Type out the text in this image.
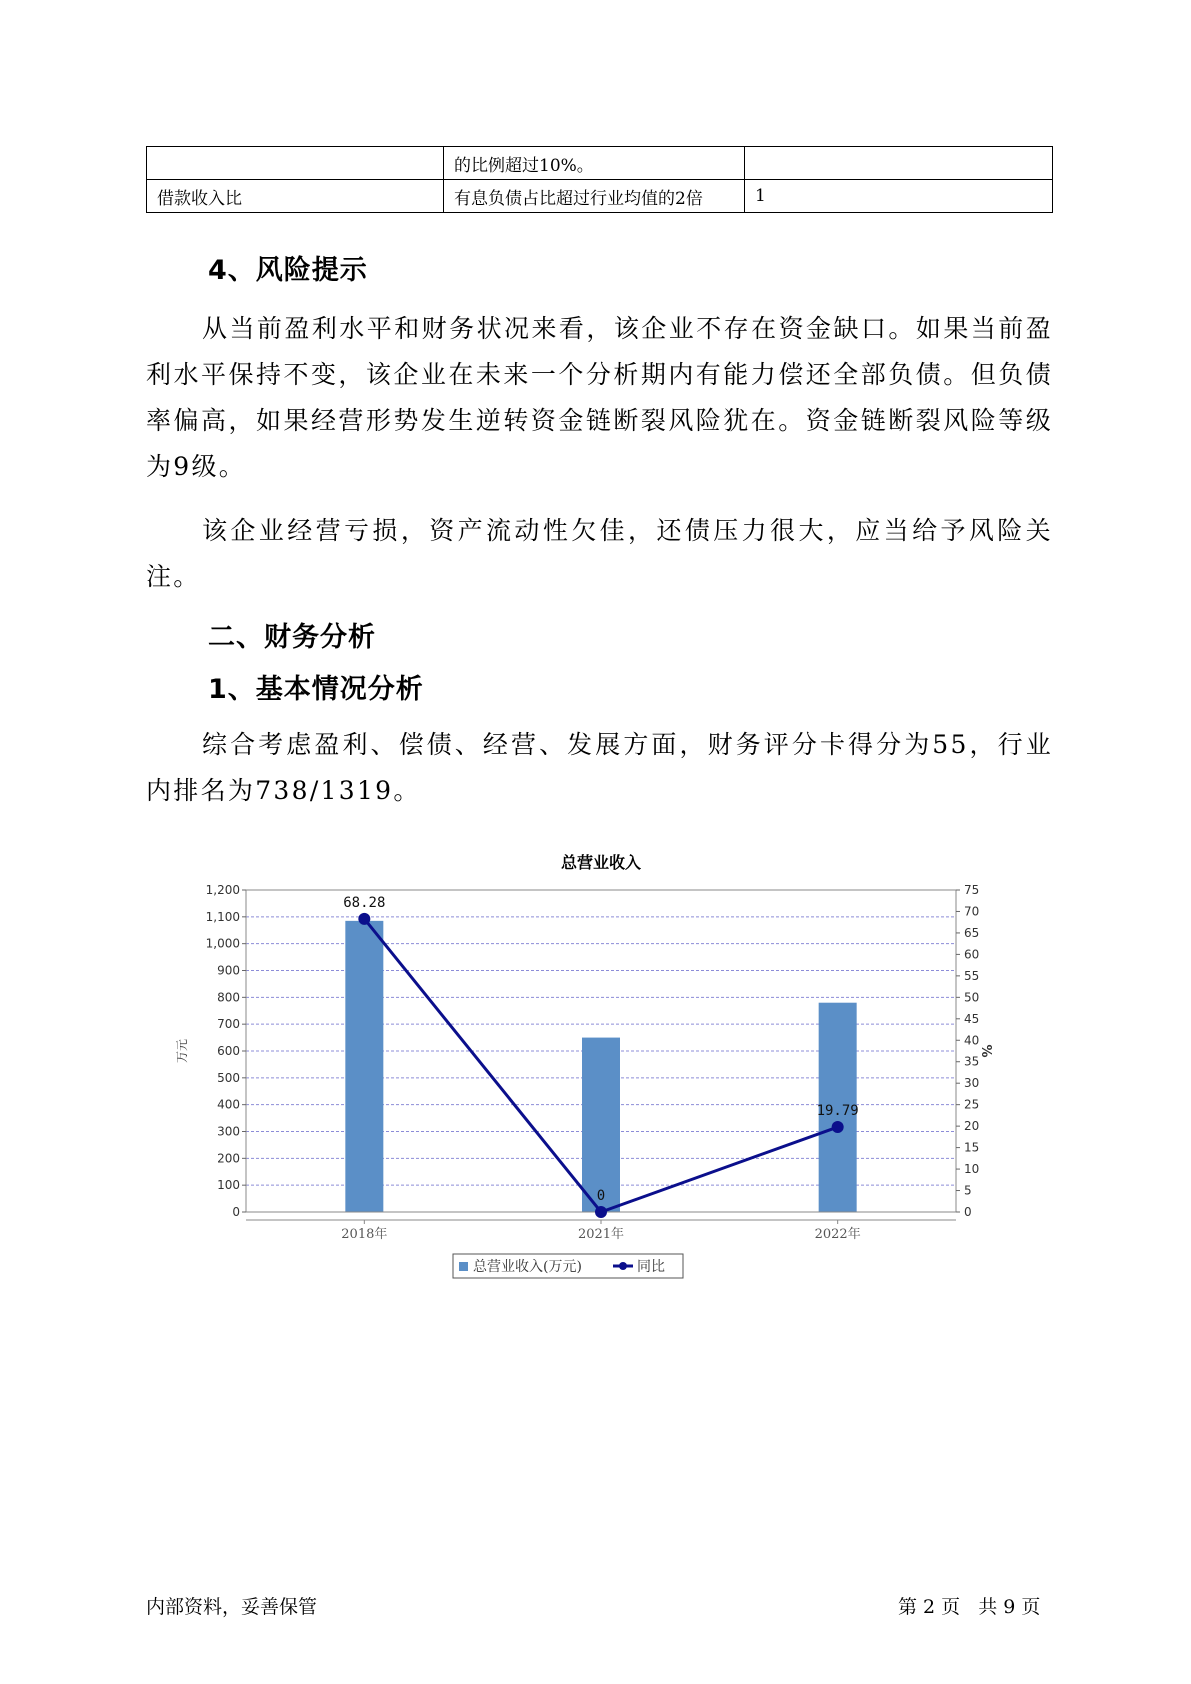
	的比例超过10%。	
借款收入比	有息负债占比超过行业均值的2倍	1
4、风险提示
从当前盈利水平和财务状况来看，该企业不存在资金缺口。如果当前盈利水平保持不变，该企业在未来一个分析期内有能力偿还全部负债。但负债率偏高，如果经营形势发生逆转资金链断裂风险犹在。资金链断裂风险等级为9级。
该企业经营亏损，资产流动性欠佳，还债压力很大，应当给予风险关注。
二、财务分析
1、基本情况分析
综合考虑盈利、偿债、经营、发展方面，财务评分卡得分为55，行业内排名为738/1319。
总营业收入
0
100
200
300
400
500
600
700
800
900
1,000
1,100
1,200
0
5
10
15
20
25
30
35
40
45
50
55
60
65
70
75
万元	%
2018年	2021年	2022年
68.28
0
19.79
总营业收入(万元)	同比
内部资料，妥善保管	第 2 页 共 9 页
